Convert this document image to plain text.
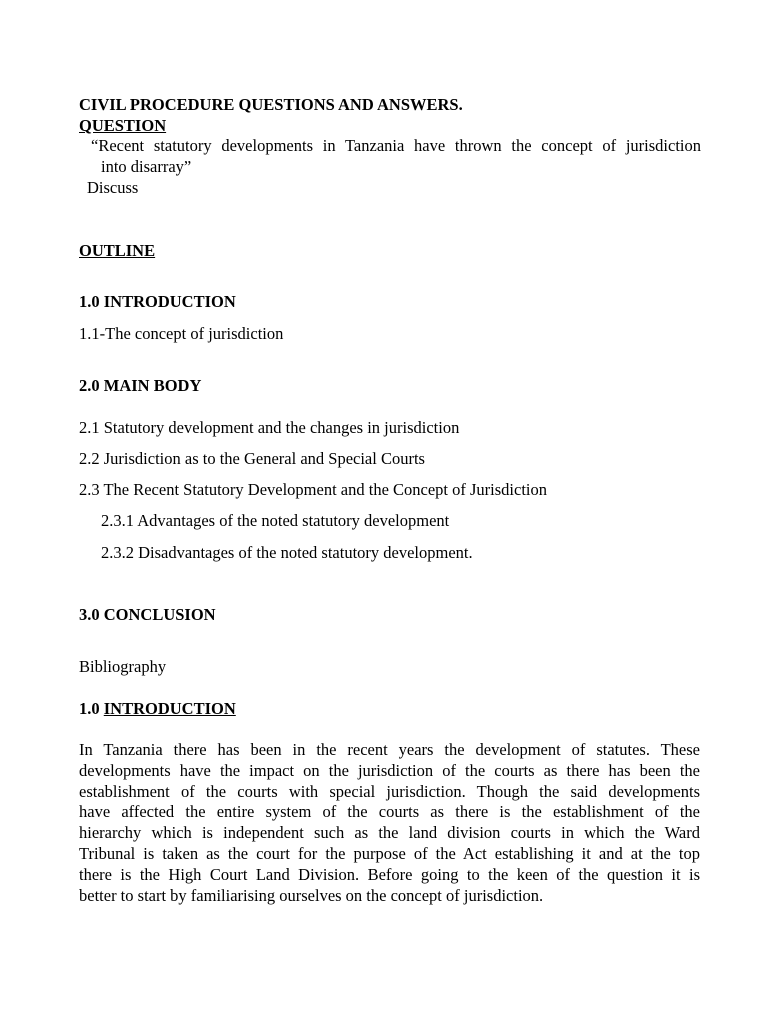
CIVIL PROCEDURE QUESTIONS AND ANSWERS.
QUESTION
“Recent statutory developments in Tanzania have thrown the concept of jurisdiction
into disarray”
Discuss
OUTLINE
1.0 INTRODUCTION
1.1-The concept of jurisdiction
2.0 MAIN BODY
2.1 Statutory development and the changes in jurisdiction
2.2 Jurisdiction as to the General and Special Courts
2.3 The Recent Statutory Development and the Concept of Jurisdiction
2.3.1 Advantages of the noted statutory development
2.3.2 Disadvantages of the noted statutory development.
3.0 CONCLUSION
Bibliography
1.0 INTRODUCTION
In Tanzania there has been in the recent years the development of statutes. These
developments have the impact on the jurisdiction of the courts as there has been the
establishment of the courts with special jurisdiction. Though the said developments
have affected the entire system of the courts as there is the establishment of the
hierarchy which is independent such as the land division courts in which the Ward
Tribunal is taken as the court for the purpose of the Act establishing it and at the top
there is the High Court Land Division. Before going to the keen of the question it is
better to start by familiarising ourselves on the concept of jurisdiction.
